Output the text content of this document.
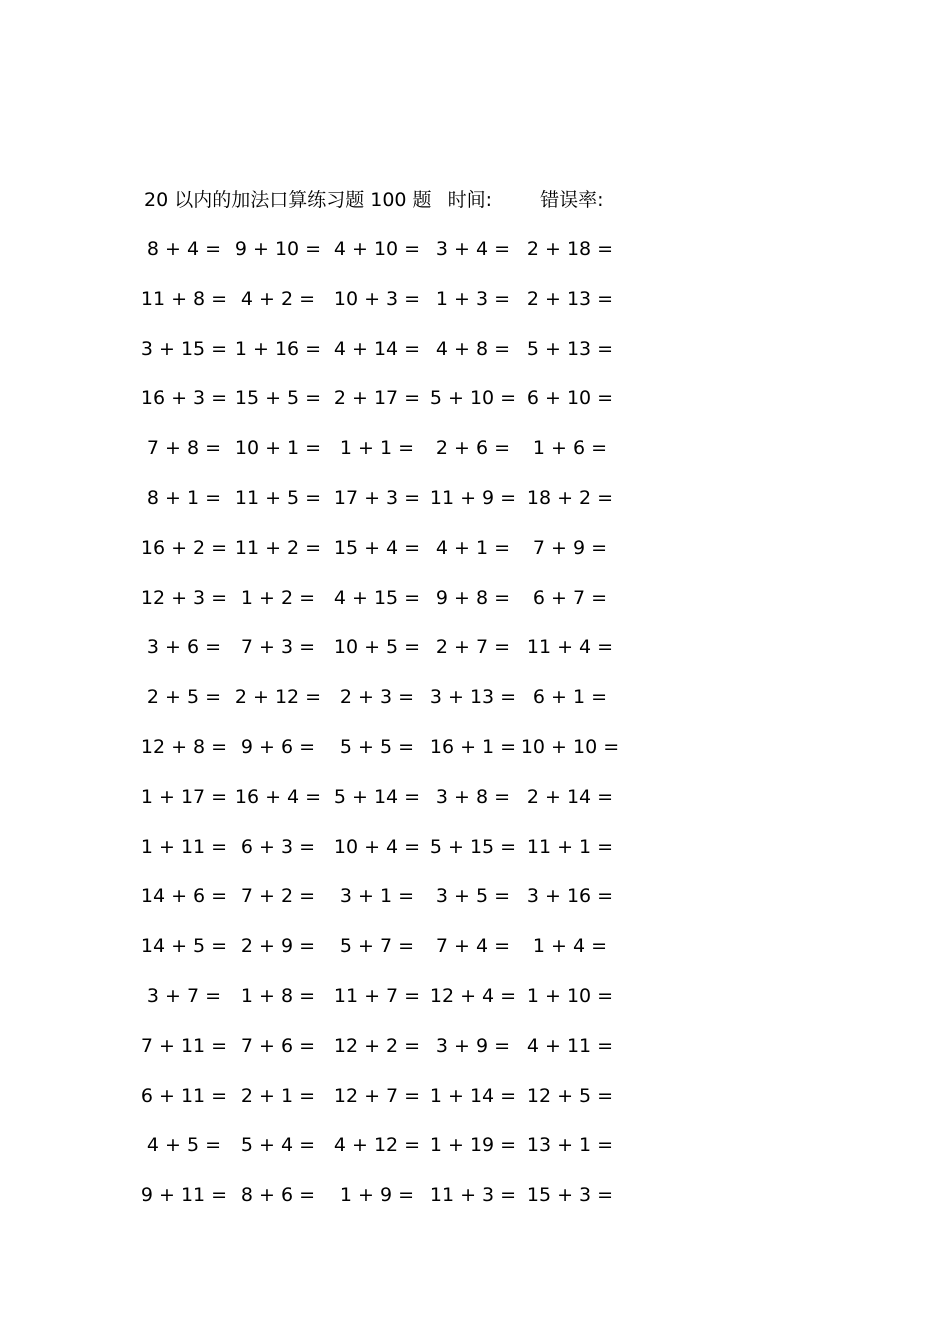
20 以内的加法口算练习题 100 题 时间:	错误率:
8 + 4 = 9 + 10 = 4 + 10 = 3 + 4 = 2 + 18 =
11 + 8 = 4 + 2 = 10 + 3 = 1 + 3 = 2 + 13 =
3 + 15 = 1 + 16 = 4 + 14 = 4 + 8 = 5 + 13 =
16 + 3 = 15 + 5 = 2 + 17 = 5 + 10 = 6 + 10 =
7 + 8 = 10 + 1 = 1 + 1 = 2 + 6 = 1 + 6 =
8 + 1 = 11 + 5 = 17 + 3 = 11 + 9 = 18 + 2 =
16 + 2 = 11 + 2 = 15 + 4 = 4 + 1 = 7 + 9 =
12 + 3 = 1 + 2 = 4 + 15 = 9 + 8 = 6 + 7 =
3 + 6 = 7 + 3 = 10 + 5 = 2 + 7 = 11 + 4 =
2 + 5 = 2 + 12 = 2 + 3 = 3 + 13 = 6 + 1 =
12 + 8 = 9 + 6 = 5 + 5 = 16 + 1 = 10 + 10 =
1 + 17 = 16 + 4 = 5 + 14 = 3 + 8 = 2 + 14 =
1 + 11 = 6 + 3 = 10 + 4 = 5 + 15 = 11 + 1 =
14 + 6 = 7 + 2 = 3 + 1 = 3 + 5 = 3 + 16 =
14 + 5 = 2 + 9 = 5 + 7 = 7 + 4 = 1 + 4 =
3 + 7 = 1 + 8 = 11 + 7 = 12 + 4 = 1 + 10 =
7 + 11 = 7 + 6 = 12 + 2 = 3 + 9 = 4 + 11 =
6 + 11 = 2 + 1 = 12 + 7 = 1 + 14 = 12 + 5 =
4 + 5 = 5 + 4 = 4 + 12 = 1 + 19 = 13 + 1 =
9 + 11 = 8 + 6 = 1 + 9 = 11 + 3 = 15 + 3 =
